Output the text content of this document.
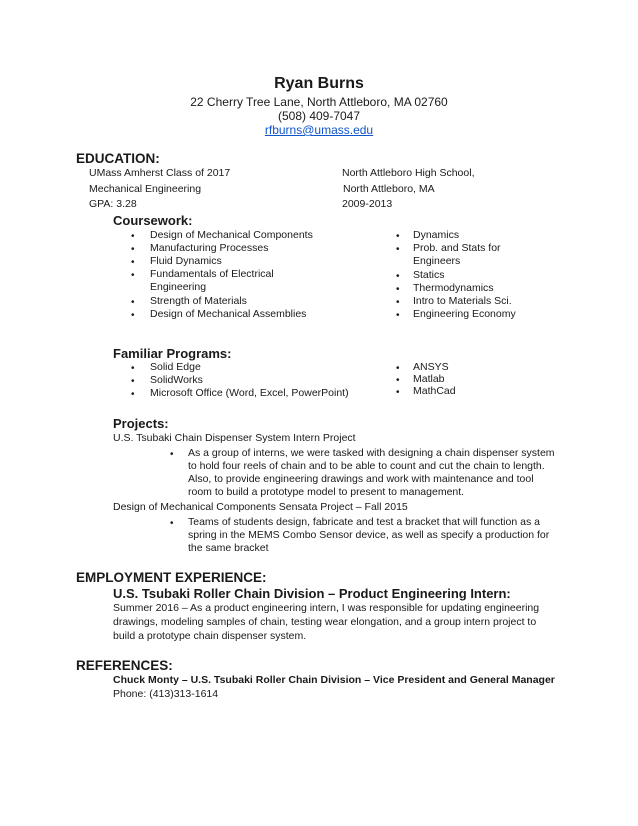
Ryan Burns
22 Cherry Tree Lane, North Attleboro, MA 02760
(508) 409-7047
rfburns@umass.edu
EDUCATION:
UMass Amherst Class of 2017
Mechanical Engineering
GPA: 3.28
North Attleboro High School,
North Attleboro, MA
2009-2013
Coursework:
• Design of Mechanical Components
• Manufacturing Processes
• Fluid Dynamics
• Fundamentals of Electrical
Engineering
• Strength of Materials
• Design of Mechanical Assemblies
• Dynamics
• Prob. and Stats for
Engineers
• Statics
• Thermodynamics
• Intro to Materials Sci.
• Engineering Economy
Familiar Programs:
• Solid Edge
• SolidWorks
• Microsoft Office (Word, Excel, PowerPoint)
• ANSYS
• Matlab
• MathCad
Projects:
U.S. Tsubaki Chain Dispenser System Intern Project
• As a group of interns, we were tasked with designing a chain dispenser system
to hold four reels of chain and to be able to count and cut the chain to length.
Also, to provide engineering drawings and work with maintenance and tool
room to build a prototype model to present to management.
Design of Mechanical Components Sensata Project – Fall 2015
• Teams of students design, fabricate and test a bracket that will function as a
spring in the MEMS Combo Sensor device, as well as specify a production for
the same bracket
EMPLOYMENT EXPERIENCE:
U.S. Tsubaki Roller Chain Division – Product Engineering Intern:
Summer 2016 – As a product engineering intern, I was responsible for updating engineering
drawings, modeling samples of chain, testing wear elongation, and a group intern project to
build a prototype chain dispenser system.
REFERENCES:
Chuck Monty – U.S. Tsubaki Roller Chain Division – Vice President and General Manager
Phone: (413)313-1614
